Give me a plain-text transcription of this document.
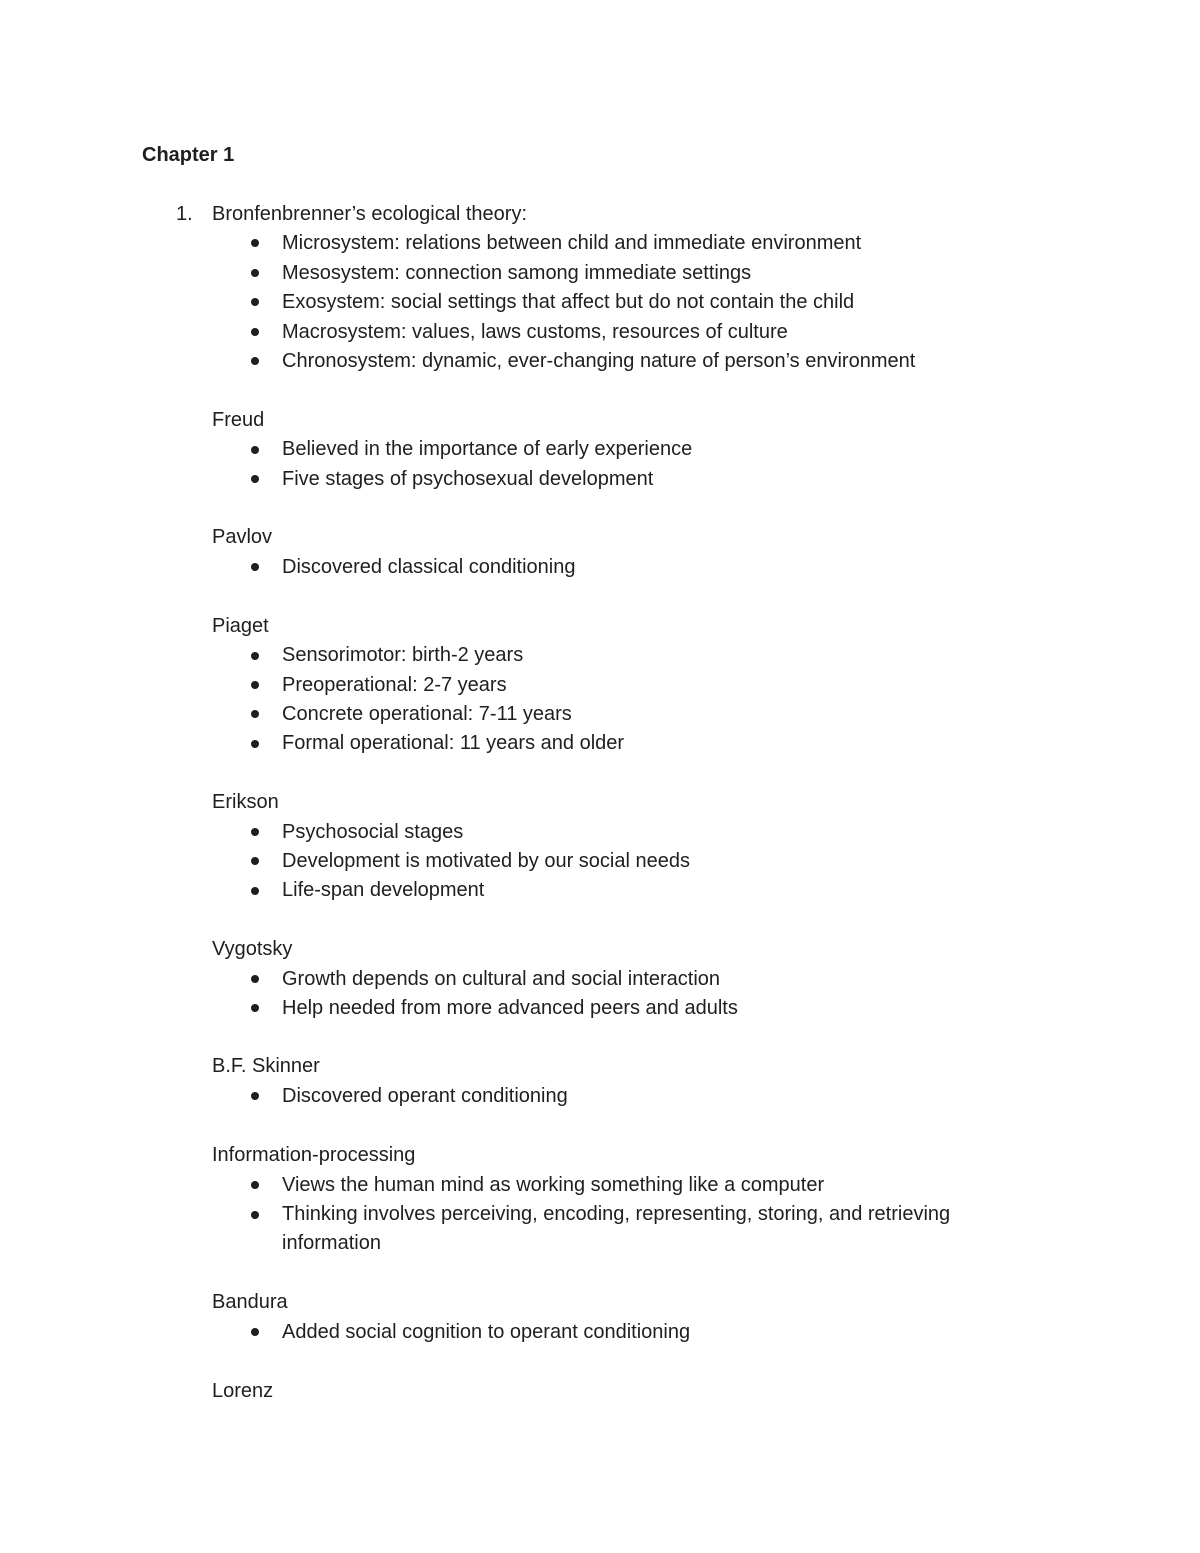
Chapter 1
1. Bronfenbrenner’s ecological theory:
Microsystem: relations between child and immediate environment
Mesosystem: connection samong immediate settings
Exosystem: social settings that affect but do not contain the child
Macrosystem: values, laws customs, resources of culture
Chronosystem: dynamic, ever-changing nature of person’s environment
Freud
Believed in the importance of early experience
Five stages of psychosexual development
Pavlov
Discovered classical conditioning
Piaget
Sensorimotor: birth-2 years
Preoperational: 2-7 years
Concrete operational: 7-11 years
Formal operational: 11 years and older
Erikson
Psychosocial stages
Development is motivated by our social needs
Life-span development
Vygotsky
Growth depends on cultural and social interaction
Help needed from more advanced peers and adults
B.F. Skinner
Discovered operant conditioning
Information-processing
Views the human mind as working something like a computer
Thinking involves perceiving, encoding, representing, storing, and retrieving
information
Bandura
Added social cognition to operant conditioning
Lorenz
